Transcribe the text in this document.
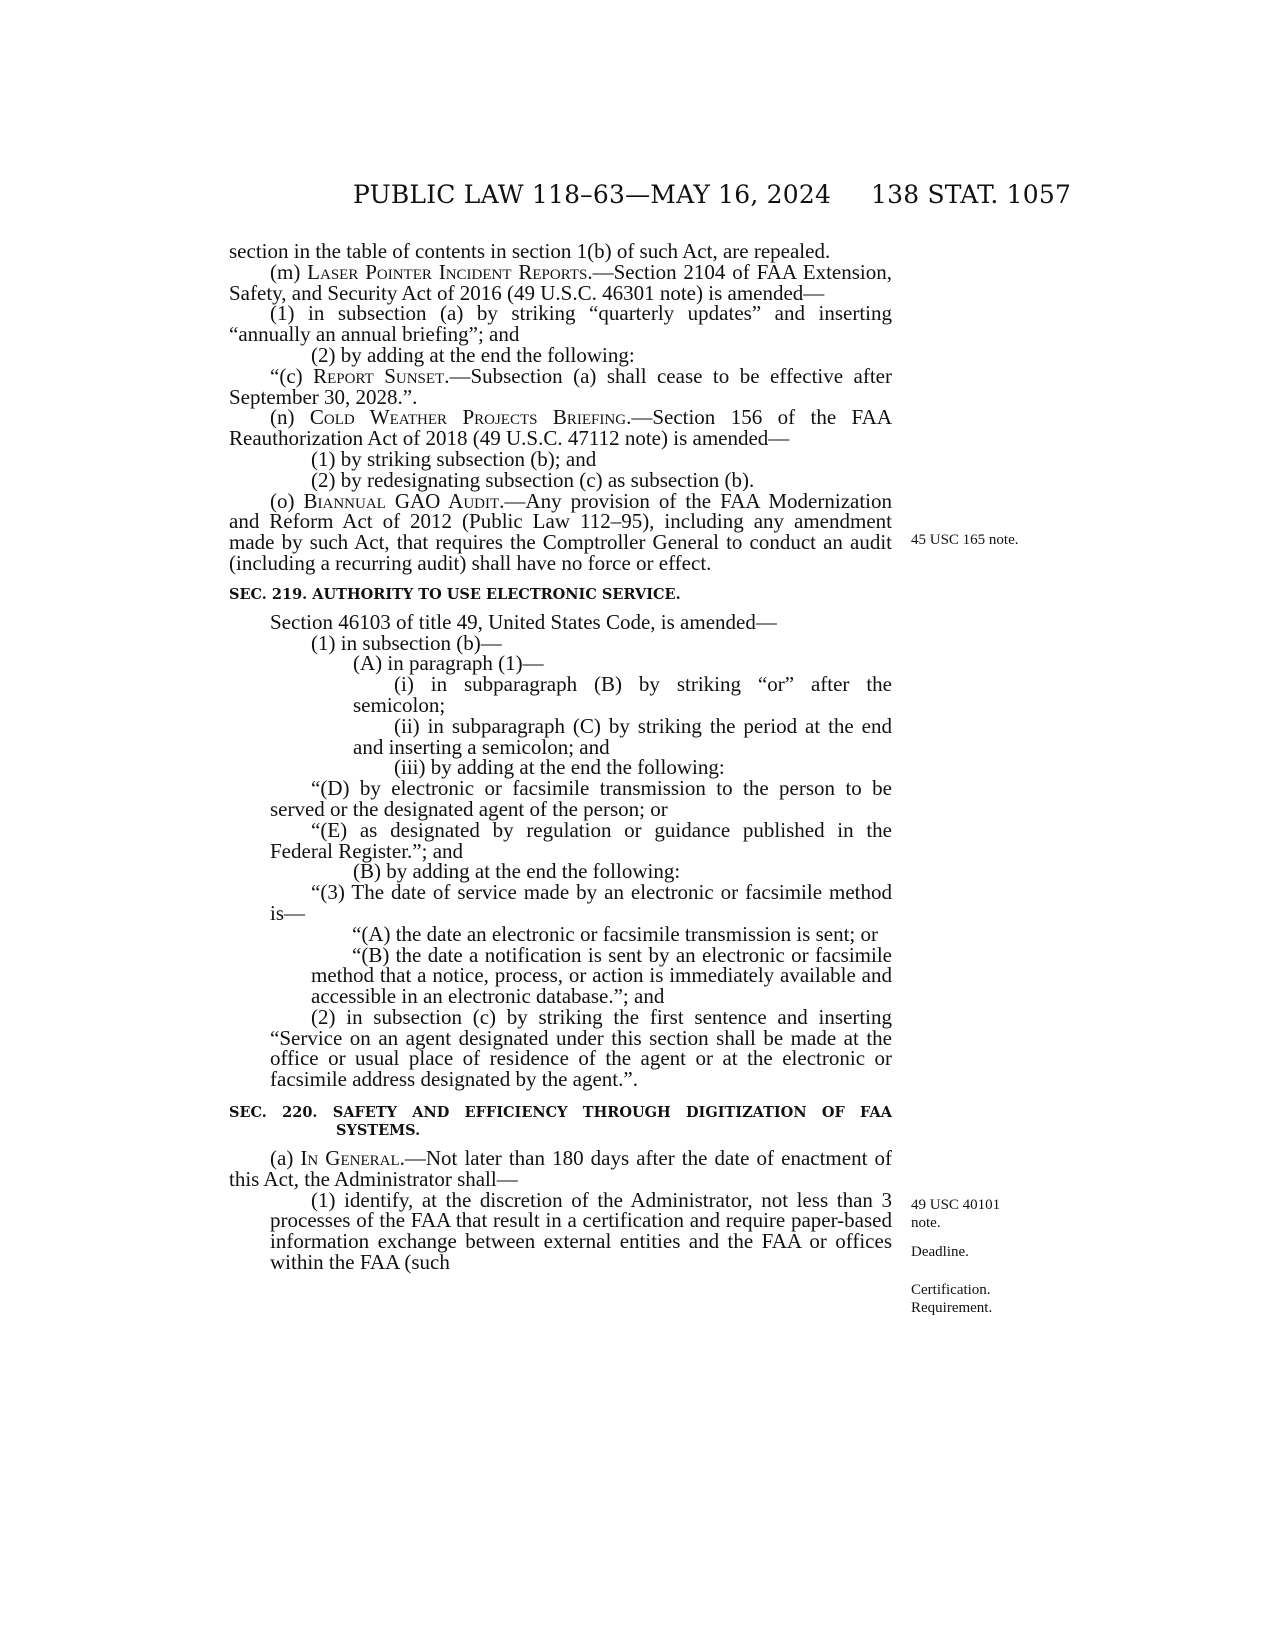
PUBLIC LAW 118–63—MAY 16, 2024 138 STAT. 1057

section in the table of contents in section 1(b) of such Act, are repealed.

(m) Laser Pointer Incident Reports.—Section 2104 of FAA Extension, Safety, and Security Act of 2016 (49 U.S.C. 46301 note) is amended—

(1) in subsection (a) by striking “quarterly updates” and inserting “annually an annual briefing”; and

(2) by adding at the end the following:

“(c) Report Sunset.—Subsection (a) shall cease to be effective after September 30, 2028.”.

(n) Cold Weather Projects Briefing.—Section 156 of the FAA Reauthorization Act of 2018 (49 U.S.C. 47112 note) is amended—

(1) by striking subsection (b); and

(2) by redesignating subsection (c) as subsection (b).

(o) Biannual GAO Audit.—Any provision of the FAA Modernization and Reform Act of 2012 (Public Law 112–95), including any amendment made by such Act, that requires the Comptroller General to conduct an audit (including a recurring audit) shall have no force or effect.

SEC. 219. AUTHORITY TO USE ELECTRONIC SERVICE.

Section 46103 of title 49, United States Code, is amended—

(1) in subsection (b)—

(A) in paragraph (1)—

(i) in subparagraph (B) by striking “or” after the semicolon;

(ii) in subparagraph (C) by striking the period at the end and inserting a semicolon; and

(iii) by adding at the end the following:

“(D) by electronic or facsimile transmission to the person to be served or the designated agent of the person; or

“(E) as designated by regulation or guidance published in the Federal Register.”; and

(B) by adding at the end the following:

“(3) The date of service made by an electronic or facsimile method is—

“(A) the date an electronic or facsimile transmission is sent; or

“(B) the date a notification is sent by an electronic or facsimile method that a notice, process, or action is immediately available and accessible in an electronic database.”; and

(2) in subsection (c) by striking the first sentence and inserting “Service on an agent designated under this section shall be made at the office or usual place of residence of the agent or at the electronic or facsimile address designated by the agent.”.

SEC. 220. SAFETY AND EFFICIENCY THROUGH DIGITIZATION OF FAA SYSTEMS.

(a) In General.—Not later than 180 days after the date of enactment of this Act, the Administrator shall—

(1) identify, at the discretion of the Administrator, not less than 3 processes of the FAA that result in a certification and require paper-based information exchange between external entities and the FAA or offices within the FAA (such

45 USC 165 note.
49 USC 40101
note.
Deadline.
Certification.
Requirement.
